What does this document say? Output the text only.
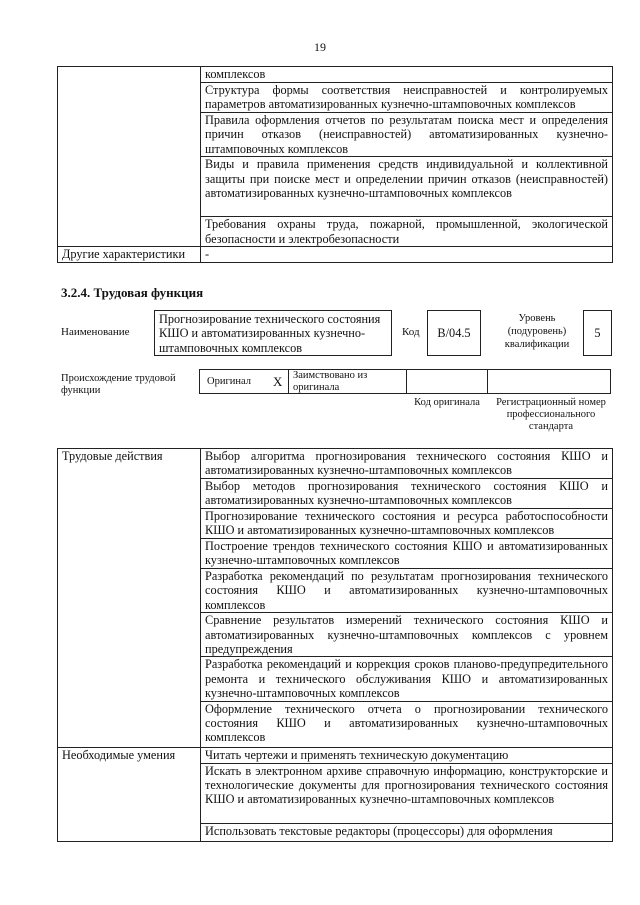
19
	комплексов
	Структура формы соответствия неисправностей и контролируемых параметров автоматизированных кузнечно-штамповочных комплексов
	Правила оформления отчетов по результатам поиска мест и определения причин отказов (неисправностей) автоматизированных кузнечно-штамповочных комплексов
	Виды и правила применения средств индивидуальной и коллективной защиты при поиске мест и определении причин отказов (неисправностей) автоматизированных кузнечно-штамповочных комплексов
	Требования охраны труда, пожарной, промышленной, экологической безопасности и электробезопасности
Другие характеристики	-
3.2.4. Трудовая функция
Наименование
Прогнозирование технического состояния КШО и автоматизированных кузнечно-штамповочных комплексов
Код	B/04.5
Уровень (подуровень) квалификации
5
Происхождение трудовой функции
Оригинал X Заимствовано из оригинала
Код оригинала	Регистрационный номер профессионального стандарта
Трудовые действия	Выбор алгоритма прогнозирования технического состояния КШО и автоматизированных кузнечно-штамповочных комплексов
	Выбор методов прогнозирования технического состояния КШО и автоматизированных кузнечно-штамповочных комплексов
	Прогнозирование технического состояния и ресурса работоспособности КШО и автоматизированных кузнечно-штамповочных комплексов
	Построение трендов технического состояния КШО и автоматизированных кузнечно-штамповочных комплексов
	Разработка рекомендаций по результатам прогнозирования технического состояния КШО и автоматизированных кузнечно-штамповочных комплексов
	Сравнение результатов измерений технического состояния КШО и автоматизированных кузнечно-штамповочных комплексов с уровнем предупреждения
	Разработка рекомендаций и коррекция сроков планово-предупредительного ремонта и технического обслуживания КШО и автоматизированных кузнечно-штамповочных комплексов
	Оформление технического отчета о прогнозировании технического состояния КШО и автоматизированных кузнечно-штамповочных комплексов
Необходимые умения	Читать чертежи и применять техническую документацию
	Искать в электронном архиве справочную информацию, конструкторские и технологические документы для прогнозирования технического состояния КШО и автоматизированных кузнечно-штамповочных комплексов
	Использовать текстовые редакторы (процессоры) для оформления
